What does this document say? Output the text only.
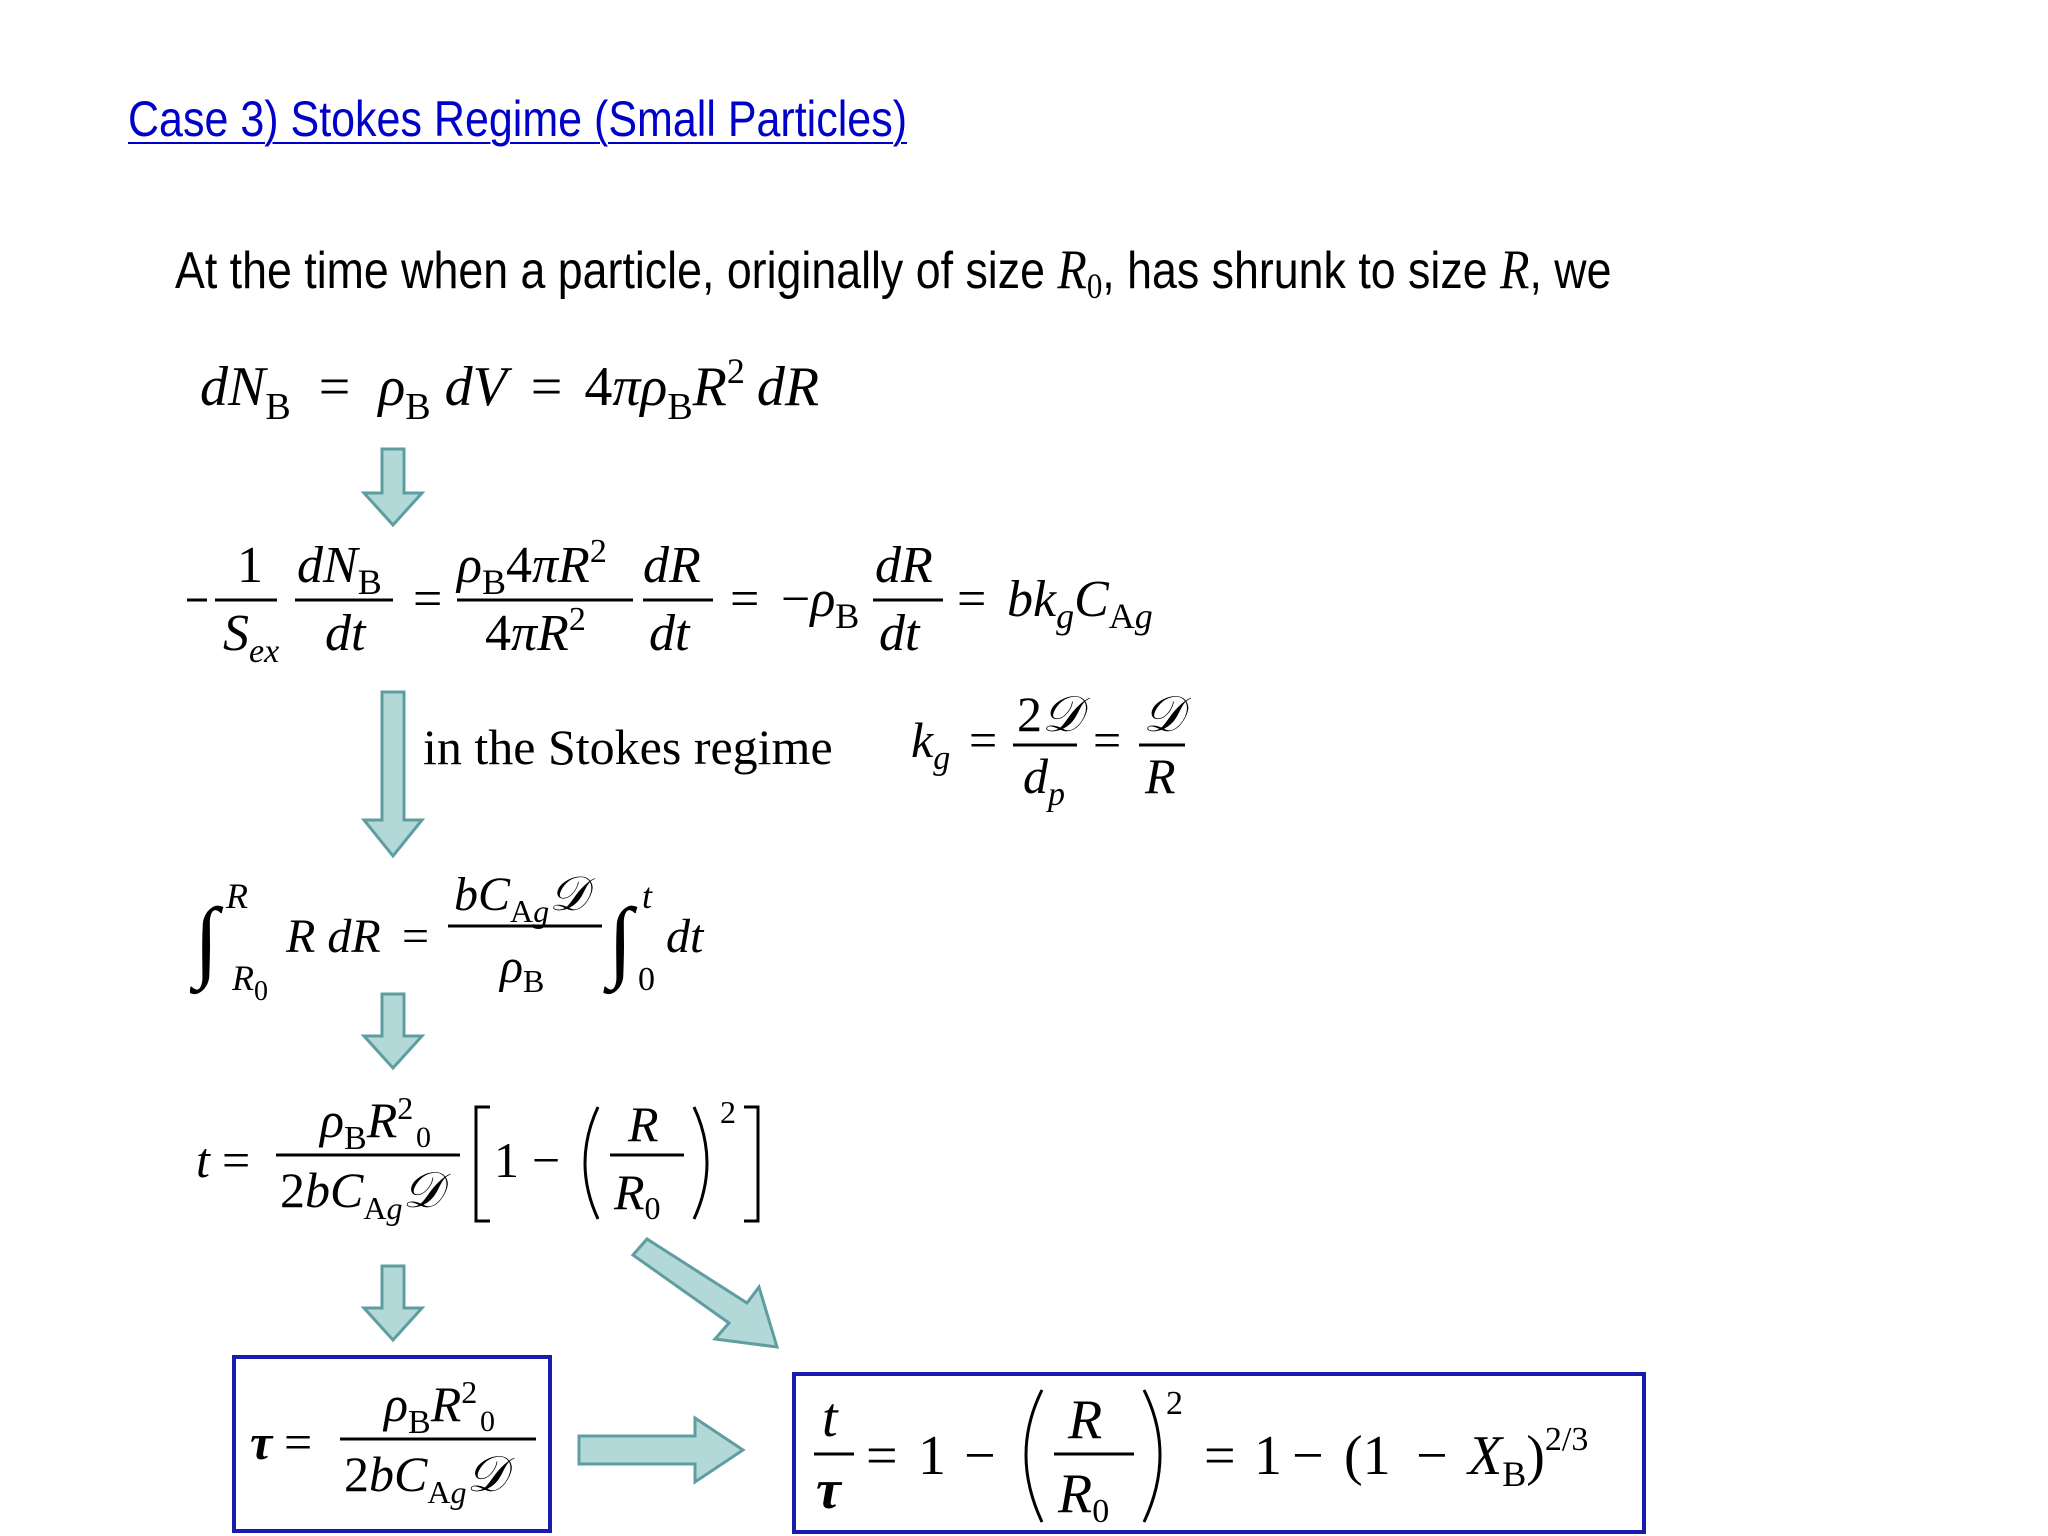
Case 3) Stokes Regime (Small Particles)
At the time when a particle, originally of size $R_0$, has shrunk to size R, we
$dN_B = \rho_B$ dV = $4\pi\rho_BR^2$ dR
1
$S_{ex}$
$dN_B$
dt
=
$\rho_B4\pi R^2$
$4\pi R^2$
dR
dt
= $-\rho_B$
dR
dt
= $bk_gC_Ag$
in the Stokes regime $k_g$ = 2𝒟
$d_p$
= 𝒟
R
∫ R
$R_0$
R dR =
$bC_Ag𝒟$
$\rho_B$ ∫ t
0
dt
t =
$\rho_BR^2$
0
$2bC_Ag𝒟$
1 −
R
$R_0$
2
τ =
$\rho_BR^2$
0
$2bC_Ag𝒟$
t
τ
= 1 −
R
R0
2
= $1 - (1 - X_B)^{2/3}$
